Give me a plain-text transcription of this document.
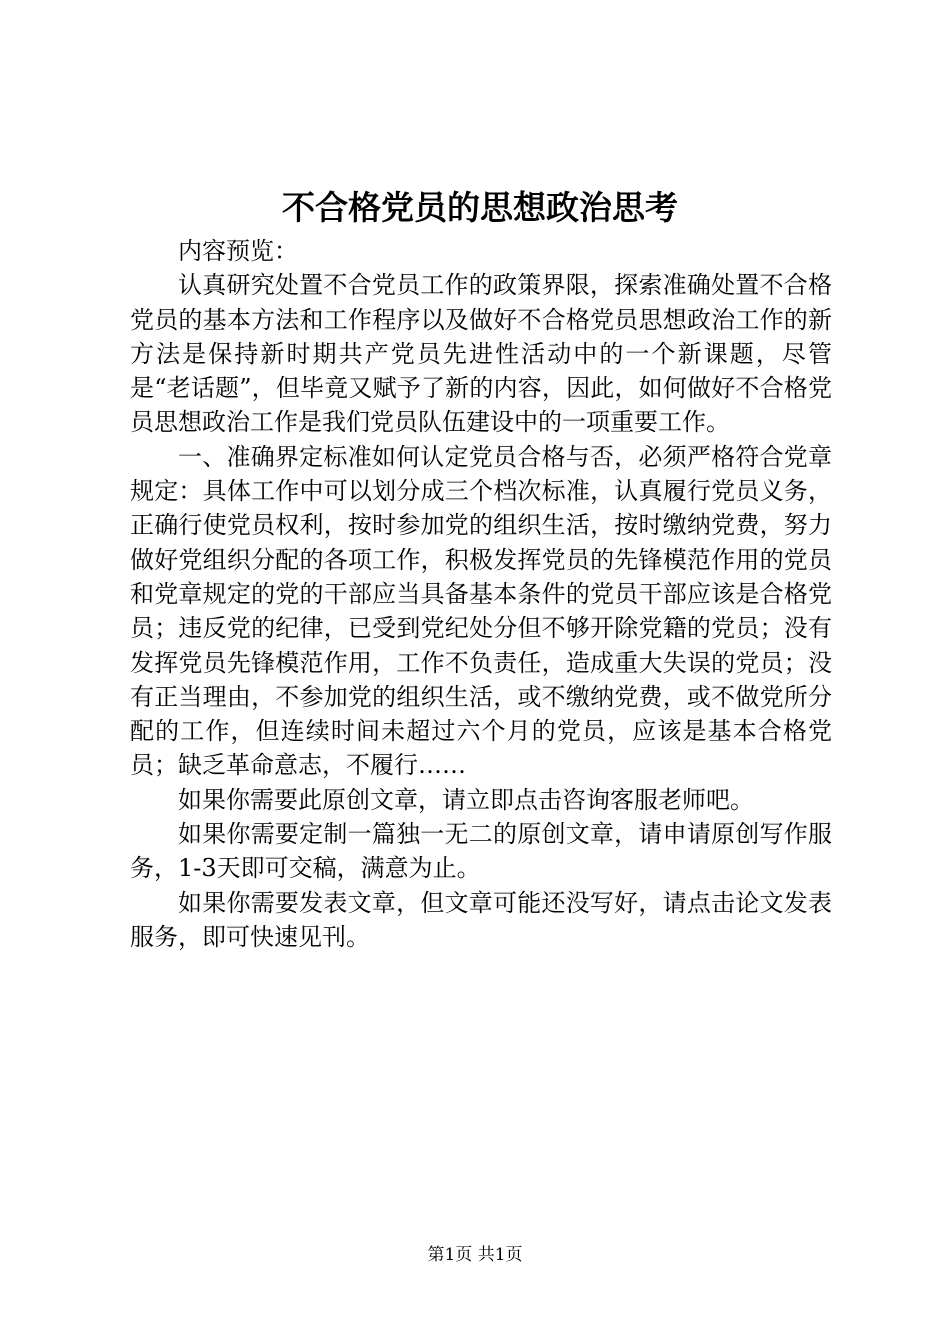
不合格党员的思想政治思考

内容预览：

认真研究处置不合党员工作的政策界限，探索准确处置不合格党员的基本方法和工作程序以及做好不合格党员思想政治工作的新方法是保持新时期共产党员先进性活动中的一个新课题，尽管是“老话题”，但毕竟又赋予了新的内容，因此，如何做好不合格党员思想政治工作是我们党员队伍建设中的一项重要工作。

一、准确界定标准如何认定党员合格与否，必须严格符合党章规定：具体工作中可以划分成三个档次标准，认真履行党员义务，正确行使党员权利，按时参加党的组织生活，按时缴纳党费，努力做好党组织分配的各项工作，积极发挥党员的先锋模范作用的党员和党章规定的党的干部应当具备基本条件的党员干部应该是合格党员；违反党的纪律，已受到党纪处分但不够开除党籍的党员；没有发挥党员先锋模范作用，工作不负责任，造成重大失误的党员；没有正当理由，不参加党的组织生活，或不缴纳党费，或不做党所分配的工作，但连续时间未超过六个月的党员，应该是基本合格党员；缺乏革命意志，不履行……

如果你需要此原创文章，请立即点击咨询客服老师吧。

如果你需要定制一篇独一无二的原创文章，请申请原创写作服务，1-3天即可交稿，满意为止。

如果你需要发表文章，但文章可能还没写好，请点击论文发表服务，即可快速见刊。

第1页 共1页
